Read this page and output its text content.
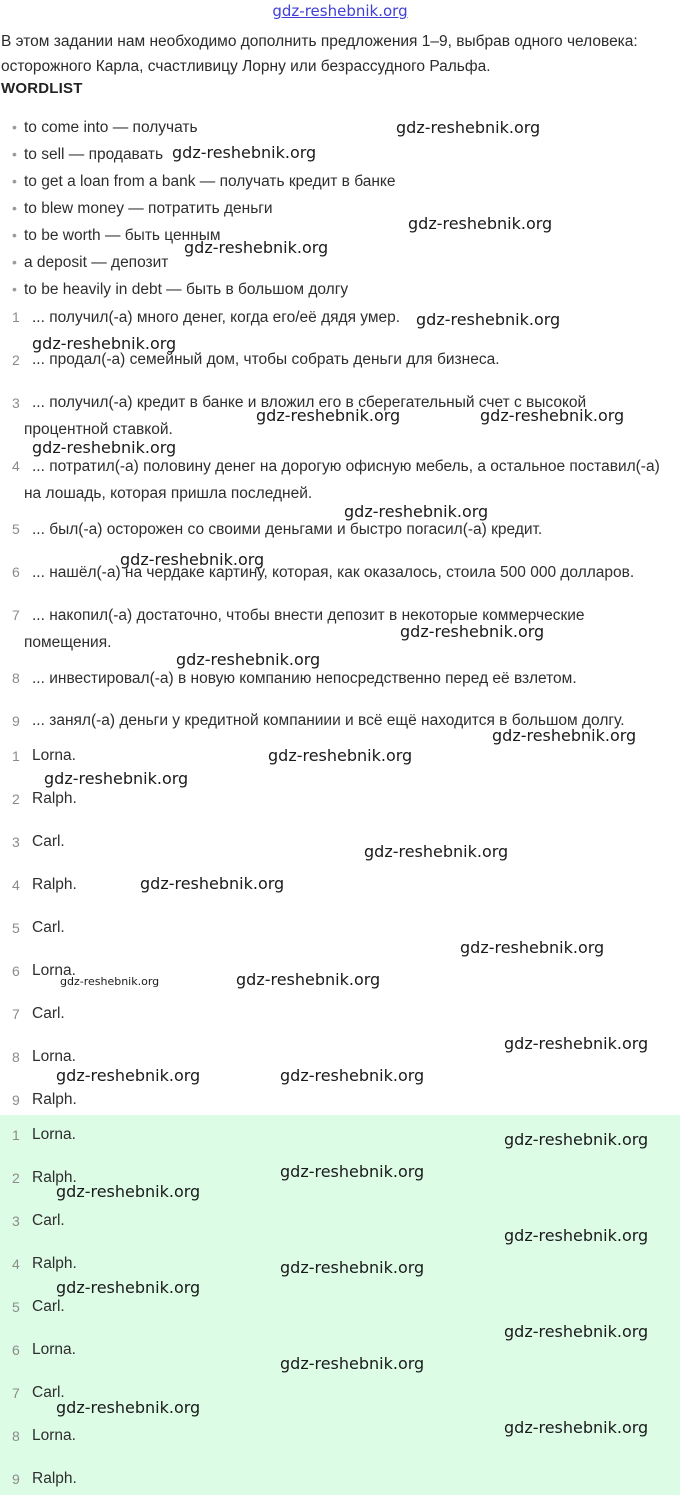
gdz-reshebnik.org
В этом задании нам необходимо дополнить предложения 1–9, выбрав одного человека: осторожного Карла, счастливицу Лорну или безрассудного Ральфа.
WORDLIST
• to come into — получать
• to sell — продавать
• to get a loan from a bank — получать кредит в банке
• to blew money — потратить деньги
• to be worth — быть ценным
• a deposit — депозит
• to be heavily in debt — быть в большом долгу
1 ... получил(-а) много денег, когда его/её дядя умер.
2 ... продал(-а) семейный дом, чтобы собрать деньги для бизнеса.
3 ... получил(-а) кредит в банке и вложил его в сберегательный счет с высокой процентной ставкой.
4 ... потратил(-а) половину денег на дорогую офисную мебель, а остальное поставил(-а) на лошадь, которая пришла последней.
5 ... был(-а) осторожен со своими деньгами и быстро погасил(-а) кредит.
6 ... нашёл(-а) на чердаке картину, которая, как оказалось, стоила 500 000 долларов.
7 ... накопил(-а) достаточно, чтобы внести депозит в некоторые коммерческие помещения.
8 ... инвестировал(-а) в новую компанию непосредственно перед её взлетом.
9 ... занял(-а) деньги у кредитной компаниии и всё ещё находится в большом долгу.
1 Lorna.
2 Ralph.
3 Carl.
4 Ralph.
5 Carl.
6 Lorna.
7 Carl.
8 Lorna.
9 Ralph.
1 Lorna.
2 Ralph.
3 Carl.
4 Ralph.
5 Carl.
6 Lorna.
7 Carl.
8 Lorna.
9 Ralph.
gdz-reshebnik.org
gdz-reshebnik.org
gdz-reshebnik.org
gdz-reshebnik.org
gdz-reshebnik.org
gdz-reshebnik.org
gdz-reshebnik.org	gdz-reshebnik.org
gdz-reshebnik.org
gdz-reshebnik.org
gdz-reshebnik.org
gdz-reshebnik.org
gdz-reshebnik.org
gdz-reshebnik.org
gdz-reshebnik.org
gdz-reshebnik.org
gdz-reshebnik.org
gdz-reshebnik.org
gdz-reshebnik.org
gdz-reshebnik.org	gdz-reshebnik.org
gdz-reshebnik.org
gdz-reshebnik.org	gdz-reshebnik.org
gdz-reshebnik.org
gdz-reshebnik.org
gdz-reshebnik.org
gdz-reshebnik.org
gdz-reshebnik.org
gdz-reshebnik.org
gdz-reshebnik.org
gdz-reshebnik.org
gdz-reshebnik.org
gdz-reshebnik.org
